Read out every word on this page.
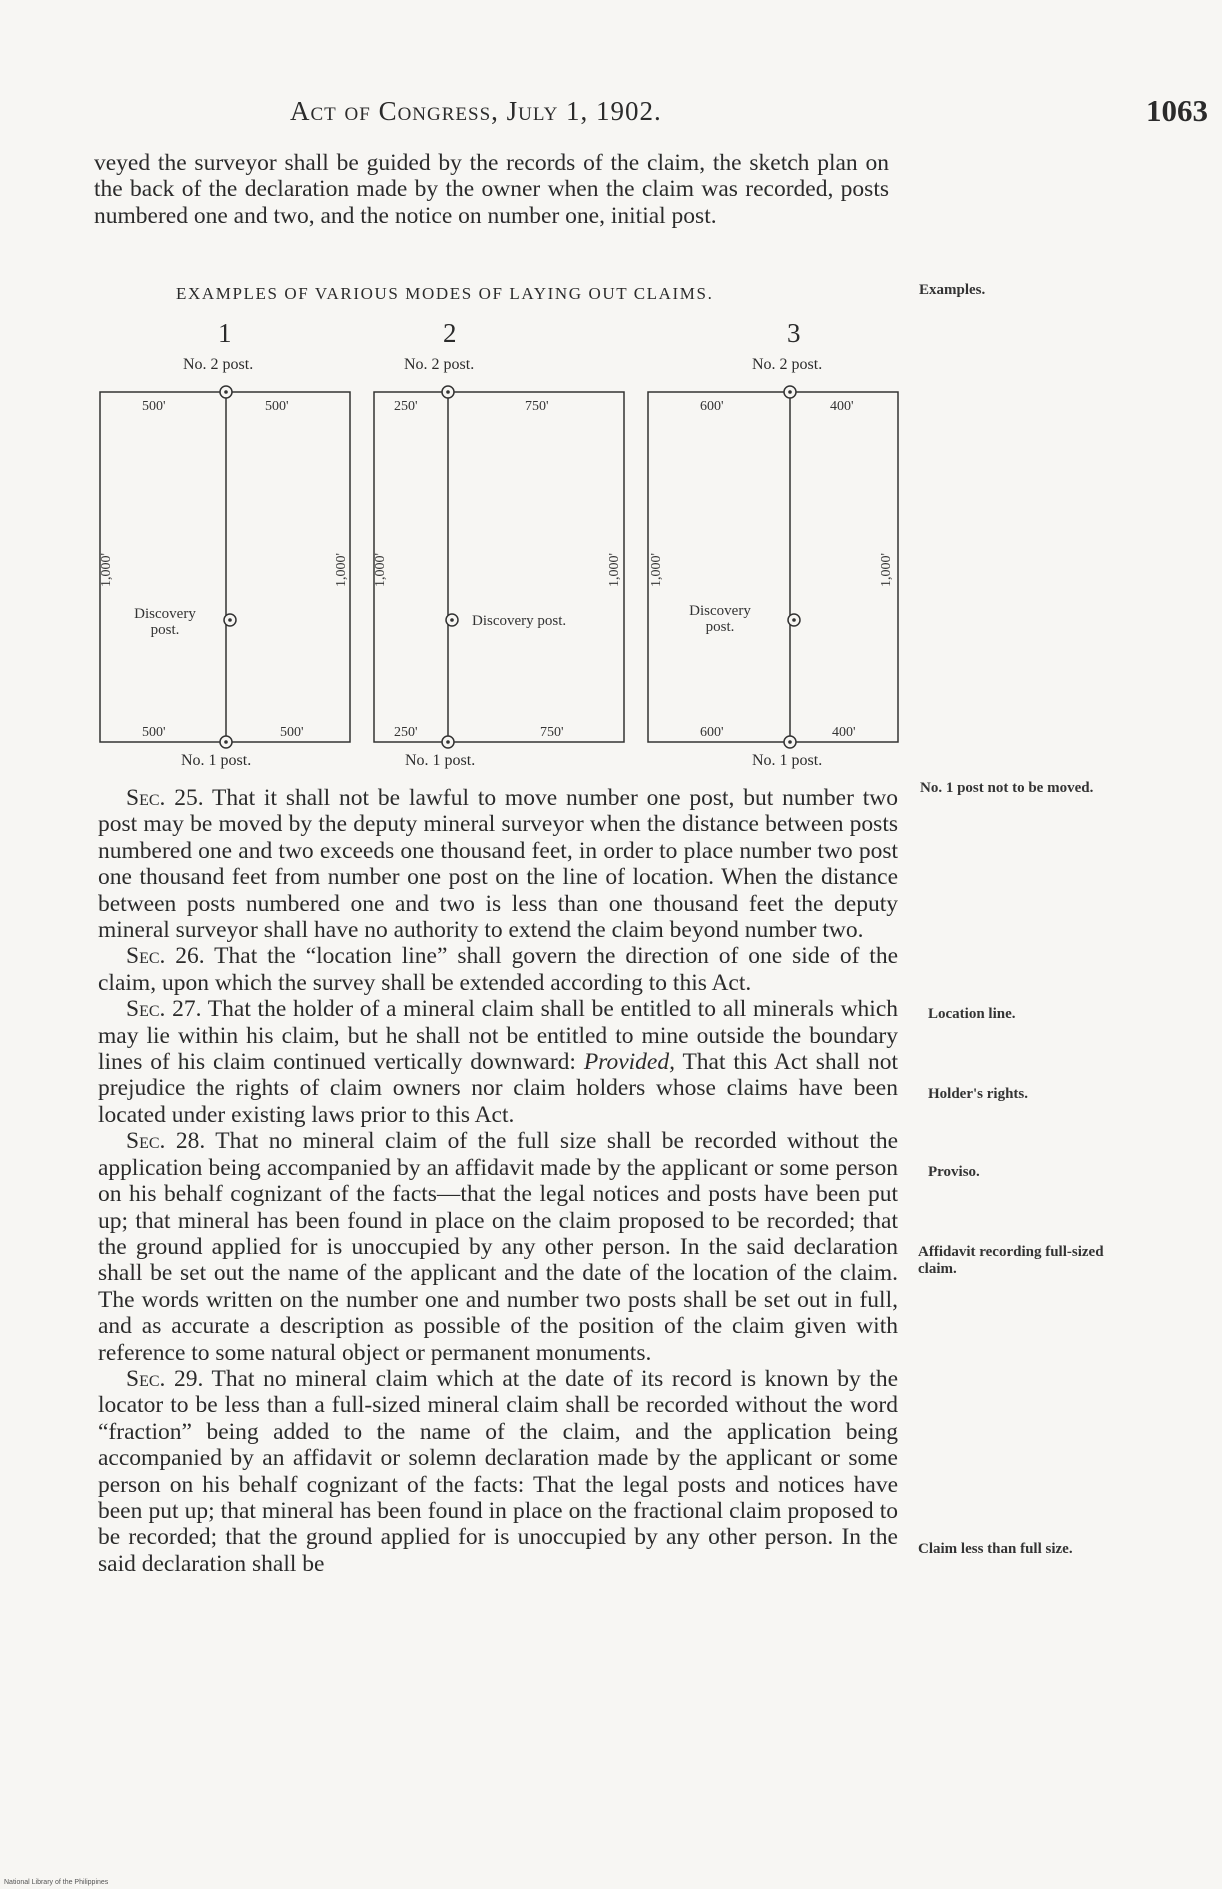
Act of Congress, July 1, 1902.	1063

veyed the surveyor shall be guided by the records of the claim, the sketch plan on the back of the declaration made by the owner when the claim was recorded, posts numbered one and two, and the notice on number one, initial post.

EXAMPLES OF VARIOUS MODES OF LAYING OUT CLAIMS.	Examples.
1	2	3
No. 2 post.	No. 2 post.	No. 2 post.
500'	500'
500'	500'
1,000'	1,000'
Discovery
post.
250'	750'
250'	750'
1,000'	1,000'
Discovery post.
600'	400'
600'	400'
1,000'	1,000'
Discovery
post.
No. 1 post.	No. 1 post.	No. 1 post.

Sec. 25. That it shall not be lawful to move number one post, but number two post may be moved by the deputy mineral surveyor when the distance between posts numbered one and two exceeds one thousand feet, in order to place number two post one thousand feet from number one post on the line of location. When the distance between posts numbered one and two is less than one thousand feet the deputy mineral surveyor shall have no authority to extend the claim beyond number two.

Sec. 26. That the “location line” shall govern the direction of one side of the claim, upon which the survey shall be extended according to this Act.

Sec. 27. That the holder of a mineral claim shall be entitled to all minerals which may lie within his claim, but he shall not be entitled to mine outside the boundary lines of his claim continued vertically downward: Provided, That this Act shall not prejudice the rights of claim owners nor claim holders whose claims have been located under existing laws prior to this Act.

Sec. 28. That no mineral claim of the full size shall be recorded without the application being accompanied by an affidavit made by the applicant or some person on his behalf cognizant of the facts—that the legal notices and posts have been put up; that mineral has been found in place on the claim proposed to be recorded; that the ground applied for is unoccupied by any other person. In the said declaration shall be set out the name of the applicant and the date of the location of the claim. The words written on the number one and number two posts shall be set out in full, and as accurate a description as possible of the position of the claim given with reference to some natural object or permanent monuments.

Sec. 29. That no mineral claim which at the date of its record is known by the locator to be less than a full-sized mineral claim shall be recorded without the word “fraction” being added to the name of the claim, and the application being accompanied by an affidavit or solemn declaration made by the applicant or some person on his behalf cognizant of the facts: That the legal posts and notices have been put up; that mineral has been found in place on the fractional claim proposed to be recorded; that the ground applied for is unoccupied by any other person. In the said declaration shall be

No. 1 post not to be moved.
Location line.
Holder's rights.
Proviso.
Affidavit recording full-sized claim.
Claim less than full size.
National Library of the Philippines
